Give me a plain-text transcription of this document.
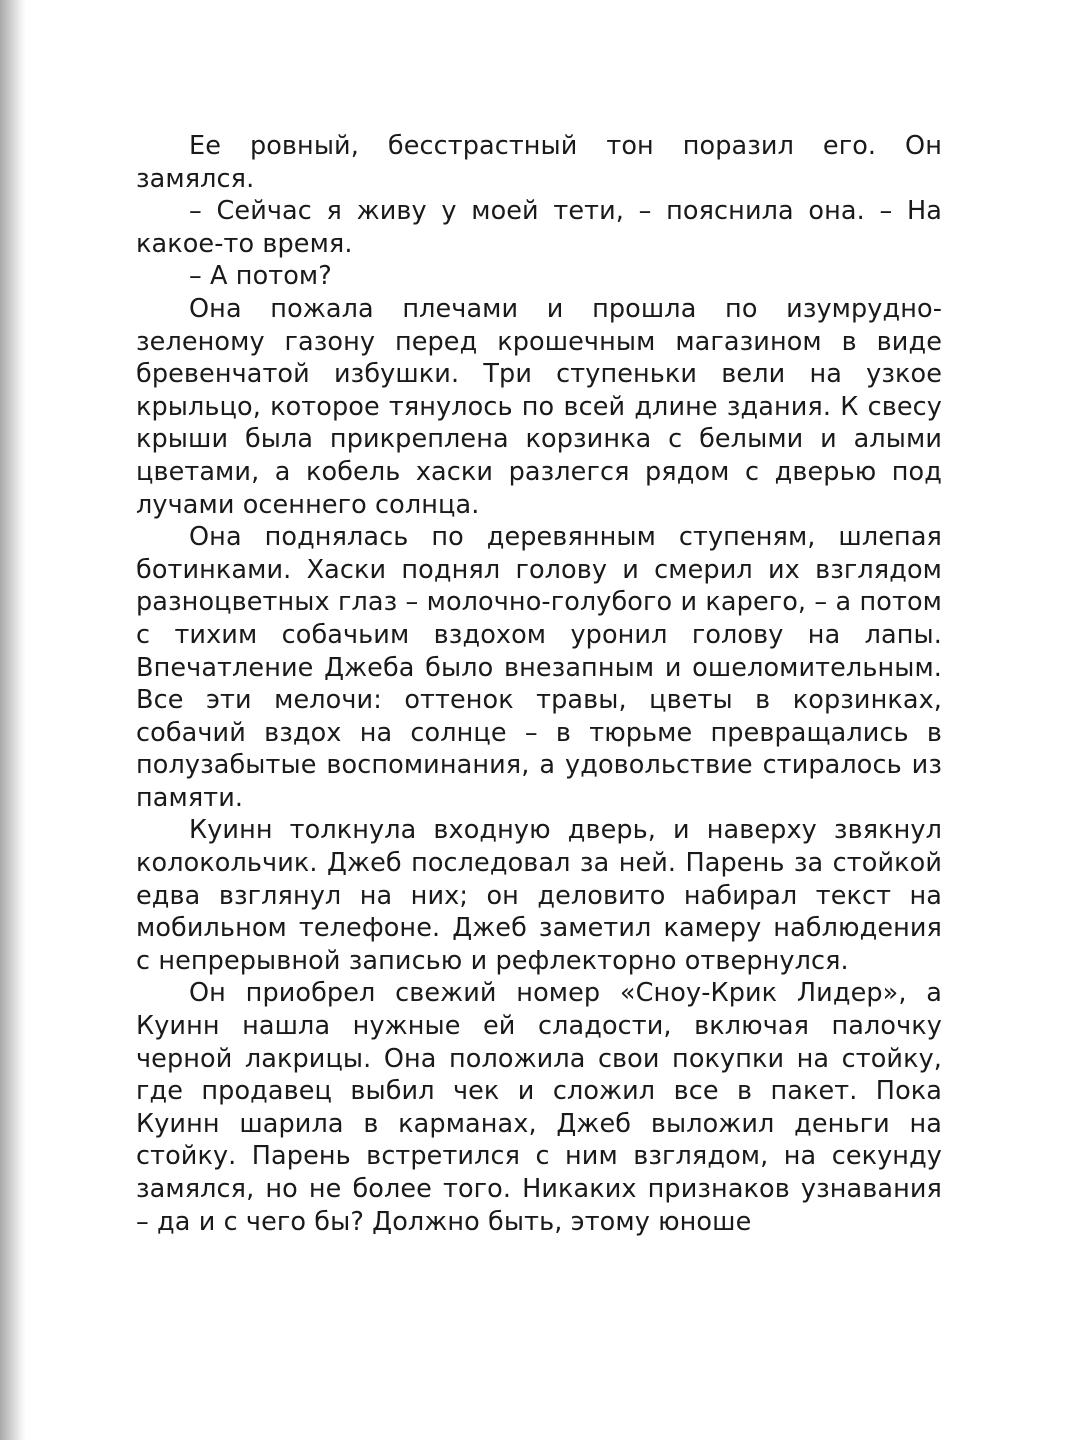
Ее ровный, бесстрастный тон поразил его. Он замялся.

– Сейчас я живу у моей тети, – пояснила она. – На какое-то время.

– А потом?

Она пожала плечами и прошла по изумрудно-зеленому газону перед крошечным магазином в виде бревенчатой избушки. Три ступеньки вели на узкое крыльцо, которое тянулось по всей длине здания. К свесу крыши была прикреплена корзинка с белыми и алыми цветами, а кобель хаски разлегся рядом с дверью под лучами осеннего солнца.

Она поднялась по деревянным ступеням, шлепая ботинками. Хаски поднял голову и смерил их взглядом разноцветных глаз – молочно-голубого и карего, – а потом с тихим собачьим вздохом уронил голову на лапы. Впечатление Джеба было внезапным и ошеломительным. Все эти мелочи: оттенок травы, цветы в корзинках, собачий вздох на солнце – в тюрьме превращались в полузабытые воспоминания, а удовольствие стиралось из памяти.

Куинн толкнула входную дверь, и наверху звякнул колокольчик. Джеб последовал за ней. Парень за стойкой едва взглянул на них; он деловито набирал текст на мобильном телефоне. Джеб заметил камеру наблюдения с непрерывной записью и рефлекторно отвернулся.

Он приобрел свежий номер «Сноу-Крик Лидер», а Куинн нашла нужные ей сладости, включая палочку черной лакрицы. Она положила свои покупки на стойку, где продавец выбил чек и сложил все в пакет. Пока Куинн шарила в карманах, Джеб выложил деньги на стойку. Парень встретился с ним взглядом, на секунду замялся, но не более того. Никаких признаков узнавания – да и с чего бы? Должно быть, этому юноше
